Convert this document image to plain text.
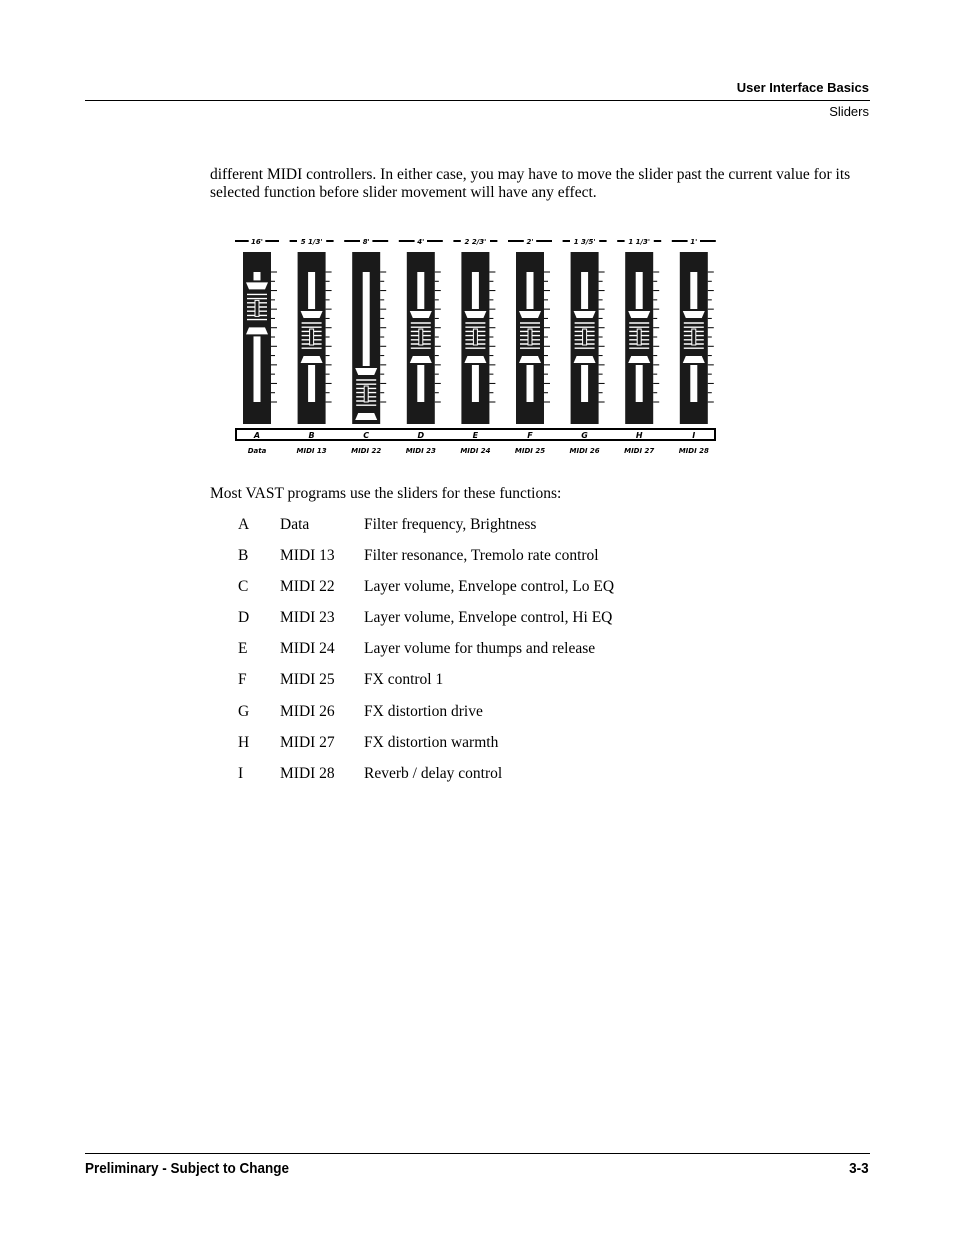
User Interface Basics
Sliders

different MIDI controllers. In either case, you may have to move the slider past the current value for its selected function before slider movement will have any effect.

16'
A
Data
5 1/3'
B
MIDI 13
8'
C
MIDI 22
4'
D
MIDI 23
2 2/3'
E
MIDI 24
2'
F
MIDI 25
1 3/5'
G
MIDI 26
1 1/3'
H
MIDI 27
1'
I
MIDI 28

Most VAST programs use the sliders for these functions:

A Data	Filter frequency, Brightness
B MIDI 13 Filter resonance, Tremolo rate control
C MIDI 22 Layer volume, Envelope control, Lo EQ
D MIDI 23 Layer volume, Envelope control, Hi EQ
E MIDI 24 Layer volume for thumps and release
F MIDI 25 FX control 1
G MIDI 26 FX distortion drive
H MIDI 27 FX distortion warmth
I MIDI 28 Reverb / delay control
Preliminary - Subject to Change	3-3
